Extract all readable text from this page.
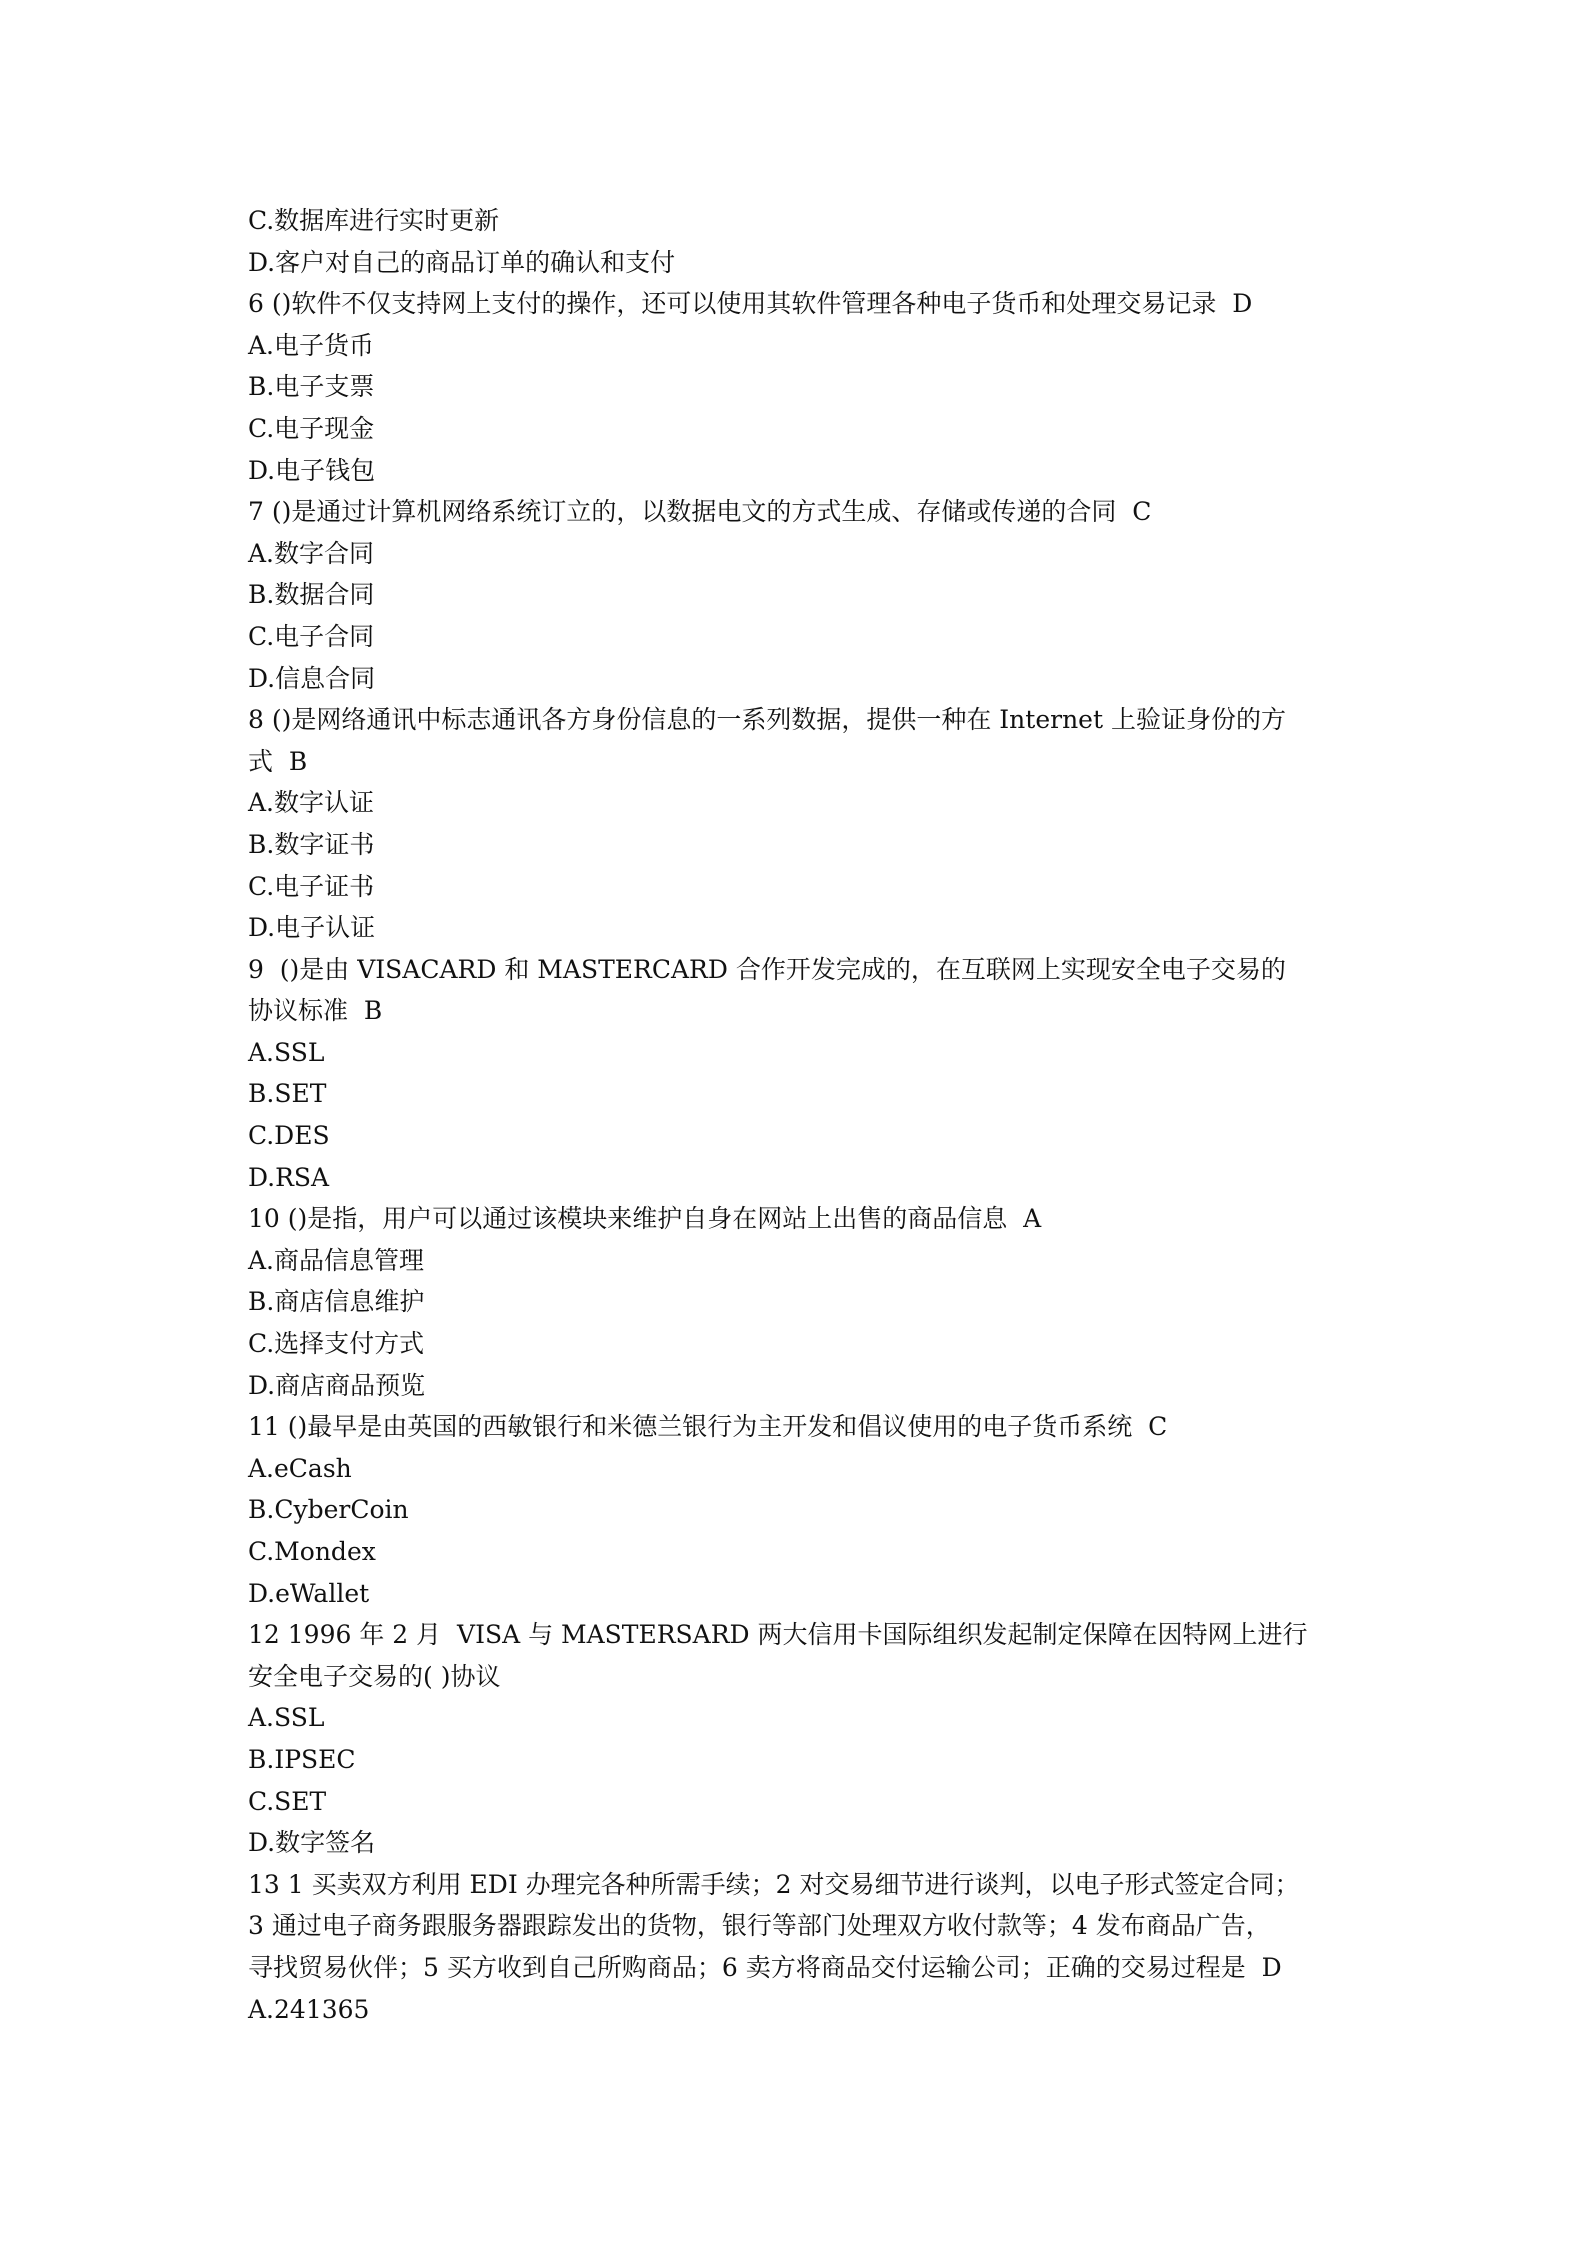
C.数据库进行实时更新
D.客户对自己的商品订单的确认和支付
6 ()软件不仅支持网上支付的操作，还可以使用其软件管理各种电子货币和处理交易记录  D
A.电子货币
B.电子支票
C.电子现金
D.电子钱包
7 ()是通过计算机网络系统订立的，以数据电文的方式生成、存储或传递的合同  C
A.数字合同
B.数据合同
C.电子合同
D.信息合同
8 ()是网络通讯中标志通讯各方身份信息的一系列数据，提供一种在 Internet 上验证身份的方
式  B
A.数字认证
B.数字证书
C.电子证书
D.电子认证
9  ()是由 VISACARD 和 MASTERCARD 合作开发完成的，在互联网上实现安全电子交易的
协议标准  B
A.SSL
B.SET
C.DES
D.RSA
10 ()是指，用户可以通过该模块来维护自身在网站上出售的商品信息  A
A.商品信息管理
B.商店信息维护
C.选择支付方式
D.商店商品预览
11 ()最早是由英国的西敏银行和米德兰银行为主开发和倡议使用的电子货币系统  C
A.eCash
B.CyberCoin
C.Mondex
D.eWallet
12 1996 年 2 月  VISA 与 MASTERSARD 两大信用卡国际组织发起制定保障在因特网上进行
安全电子交易的( )协议
A.SSL
B.IPSEC
C.SET
D.数字签名
13 1 买卖双方利用 EDI 办理完各种所需手续；2 对交易细节进行谈判，以电子形式签定合同；
3 通过电子商务跟服务器跟踪发出的货物，银行等部门处理双方收付款等；4 发布商品广告，
寻找贸易伙伴；5 买方收到自己所购商品；6 卖方将商品交付运输公司；正确的交易过程是  D
A.241365
